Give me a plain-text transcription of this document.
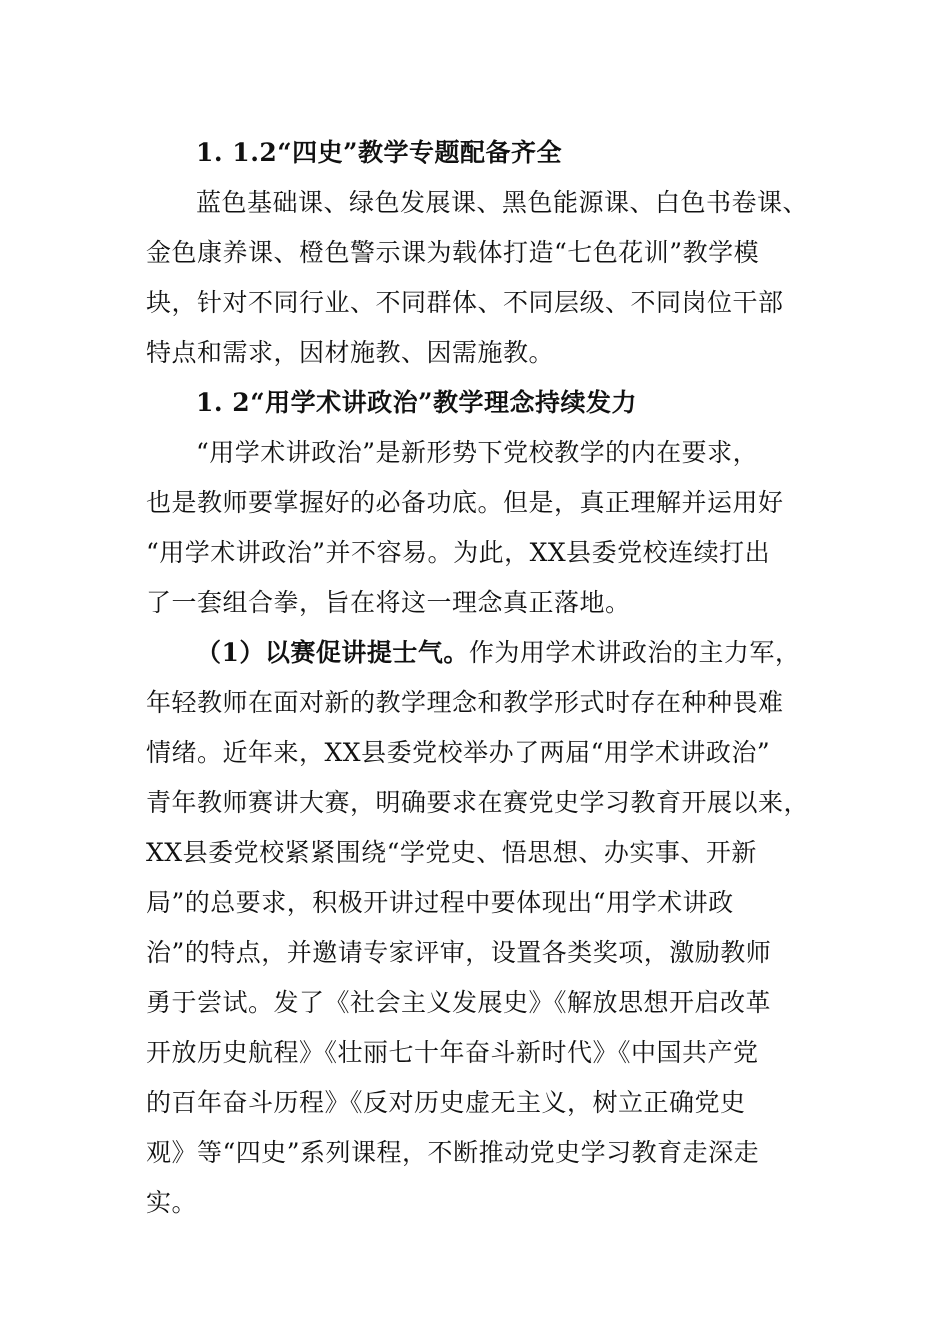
1. 1.2“四史”教学专题配备齐全
蓝色基础课、绿色发展课、黑色能源课、白色书卷课、
金色康养课、橙色警示课为载体打造“七色花训”教学模
块，针对不同行业、不同群体、不同层级、不同岗位干部
特点和需求，因材施教、因需施教。
1. 2“用学术讲政治”教学理念持续发力
“用学术讲政治”是新形势下党校教学的内在要求，
也是教师要掌握好的必备功底。但是，真正理解并运用好
“用学术讲政治”并不容易。为此，XX县委党校连续打出
了一套组合拳，旨在将这一理念真正落地。
（1）以赛促讲提士气。作为用学术讲政治的主力军，
年轻教师在面对新的教学理念和教学形式时存在种种畏难
情绪。近年来，XX县委党校举办了两届“用学术讲政治”
青年教师赛讲大赛，明确要求在赛党史学习教育开展以来，
XX县委党校紧紧围绕“学党史、悟思想、办实事、开新
局”的总要求，积极开讲过程中要体现出“用学术讲政
治”的特点，并邀请专家评审，设置各类奖项，激励教师
勇于尝试。发了《社会主义发展史》《解放思想开启改革
开放历史航程》《壮丽七十年奋斗新时代》《中国共产党
的百年奋斗历程》《反对历史虚无主义，树立正确党史
观》等“四史”系列课程，不断推动党史学习教育走深走
实。
